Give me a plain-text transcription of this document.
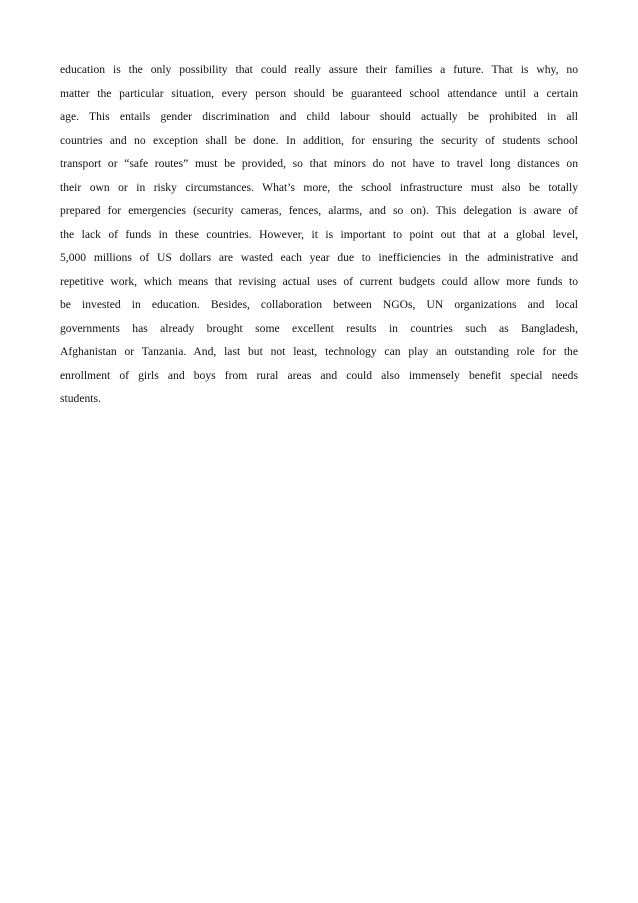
education is the only possibility that could really assure their families a future. That is why, no
matter the particular situation, every person should be guaranteed school attendance until a certain
age. This entails gender discrimination and child labour should actually be prohibited in all
countries and no exception shall be done. In addition, for ensuring the security of students school
transport or “safe routes” must be provided, so that minors do not have to travel long distances on
their own or in risky circumstances. What’s more, the school infrastructure must also be totally
prepared for emergencies (security cameras, fences, alarms, and so on). This delegation is aware of
the lack of funds in these countries. However, it is important to point out that at a global level,
5,000 millions of US dollars are wasted each year due to inefficiencies in the administrative and
repetitive work, which means that revising actual uses of current budgets could allow more funds to
be invested in education. Besides, collaboration between NGOs, UN organizations and local
governments has already brought some excellent results in countries such as Bangladesh,
Afghanistan or Tanzania. And, last but not least, technology can play an outstanding role for the
enrollment of girls and boys from rural areas and could also immensely benefit special needs
students.
